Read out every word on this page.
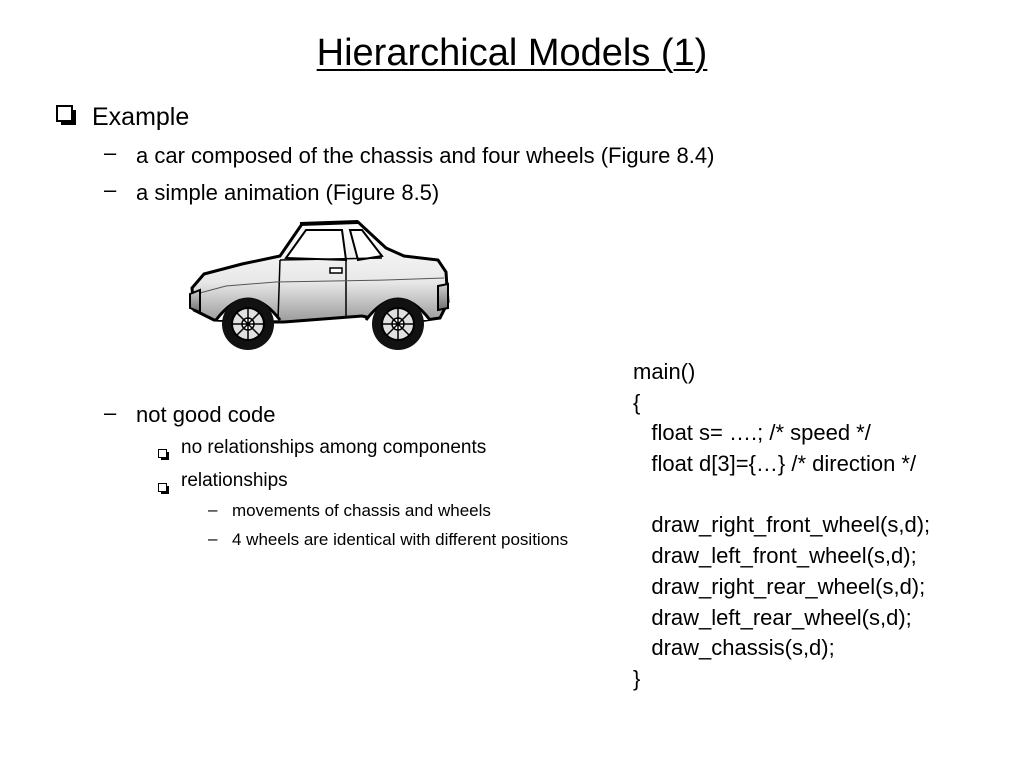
Hierarchical Models (1)
Example
– a car composed of the chassis and four wheels (Figure 8.4)
– a simple animation (Figure 8.5)
– not good code
no relationships among components
relationships
– movements of chassis and wheels
– 4 wheels are identical with different positions
main()
{
float s= ….; /* speed */
float d[3]={…} /* direction */
draw_right_front_wheel(s,d);
draw_left_front_wheel(s,d);
draw_right_rear_wheel(s,d);
draw_left_rear_wheel(s,d);
draw_chassis(s,d);
}
